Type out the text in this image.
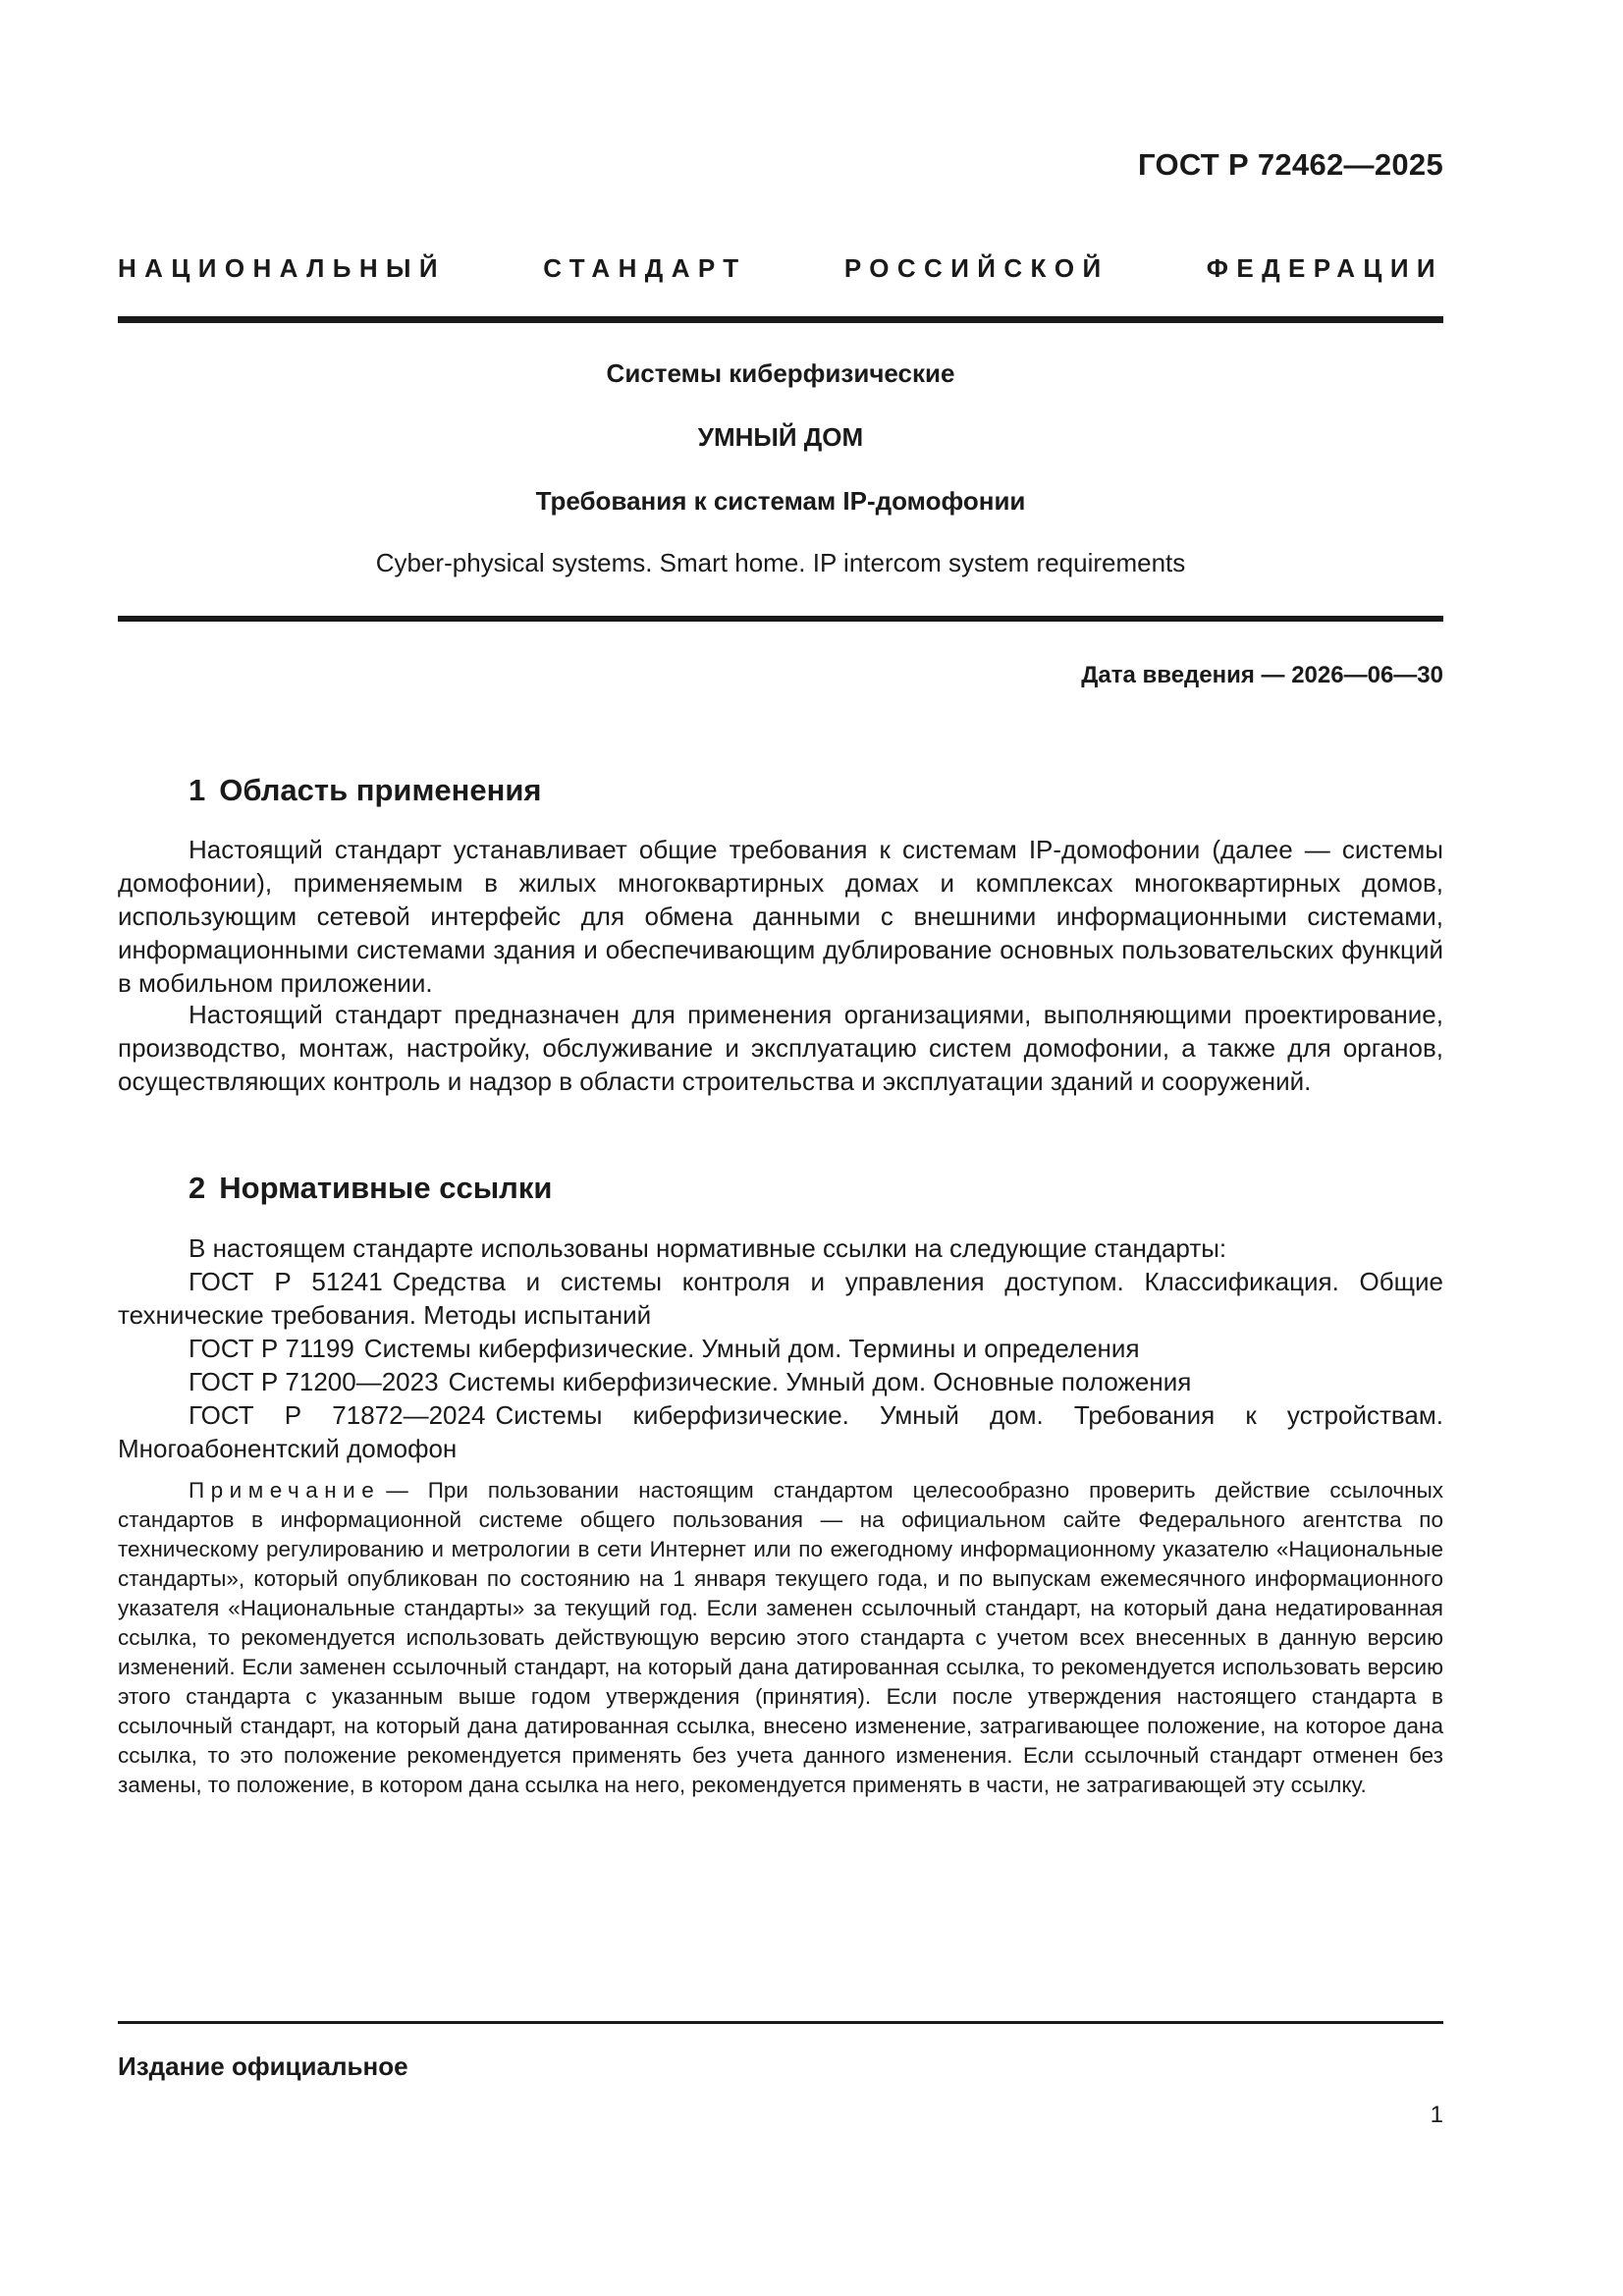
ГОСТ Р 72462—2025
НАЦИОНАЛЬНЫЙ СТАНДАРТ РОССИЙСКОЙ ФЕДЕРАЦИИ
Системы киберфизические
УМНЫЙ ДОМ
Требования к системам IP-домофонии
Cyber-physical systems. Smart home. IP intercom system requirements
Дата введения — 2026—06—30
1 Область применения
Настоящий стандарт устанавливает общие требования к системам IP-домофонии (далее — системы домофонии), применяемым в жилых многоквартирных домах и комплексах многоквартирных домов, использующим сетевой интерфейс для обмена данными с внешними информационными системами, информационными системами здания и обеспечивающим дублирование основных пользовательских функций в мобильном приложении.
Настоящий стандарт предназначен для применения организациями, выполняющими проектирование, производство, монтаж, настройку, обслуживание и эксплуатацию систем домофонии, а также для органов, осуществляющих контроль и надзор в области строительства и эксплуатации зданий и сооружений.
2 Нормативные ссылки
В настоящем стандарте использованы нормативные ссылки на следующие стандарты:
ГОСТ Р 51241 Средства и системы контроля и управления доступом. Классификация. Общие технические требования. Методы испытаний
ГОСТ Р 71199 Системы киберфизические. Умный дом. Термины и определения
ГОСТ Р 71200—2023 Системы киберфизические. Умный дом. Основные положения
ГОСТ Р 71872—2024 Системы киберфизические. Умный дом. Требования к устройствам. Многоабонентский домофон
Примечание — При пользовании настоящим стандартом целесообразно проверить действие ссылочных стандартов в информационной системе общего пользования — на официальном сайте Федерального агентства по техническому регулированию и метрологии в сети Интернет или по ежегодному информационному указателю «Национальные стандарты», который опубликован по состоянию на 1 января текущего года, и по выпускам ежемесячного информационного указателя «Национальные стандарты» за текущий год. Если заменен ссылочный стандарт, на который дана недатированная ссылка, то рекомендуется использовать действующую версию этого стандарта с учетом всех внесенных в данную версию изменений. Если заменен ссылочный стандарт, на который дана датированная ссылка, то рекомендуется использовать версию этого стандарта с указанным выше годом утверждения (принятия). Если после утверждения настоящего стандарта в ссылочный стандарт, на который дана датированная ссылка, внесено изменение, затрагивающее положение, на которое дана ссылка, то это положение рекомендуется применять без учета данного изменения. Если ссылочный стандарт отменен без замены, то положение, в котором дана ссылка на него, рекомендуется применять в части, не затрагивающей эту ссылку.
Издание официальное
1
